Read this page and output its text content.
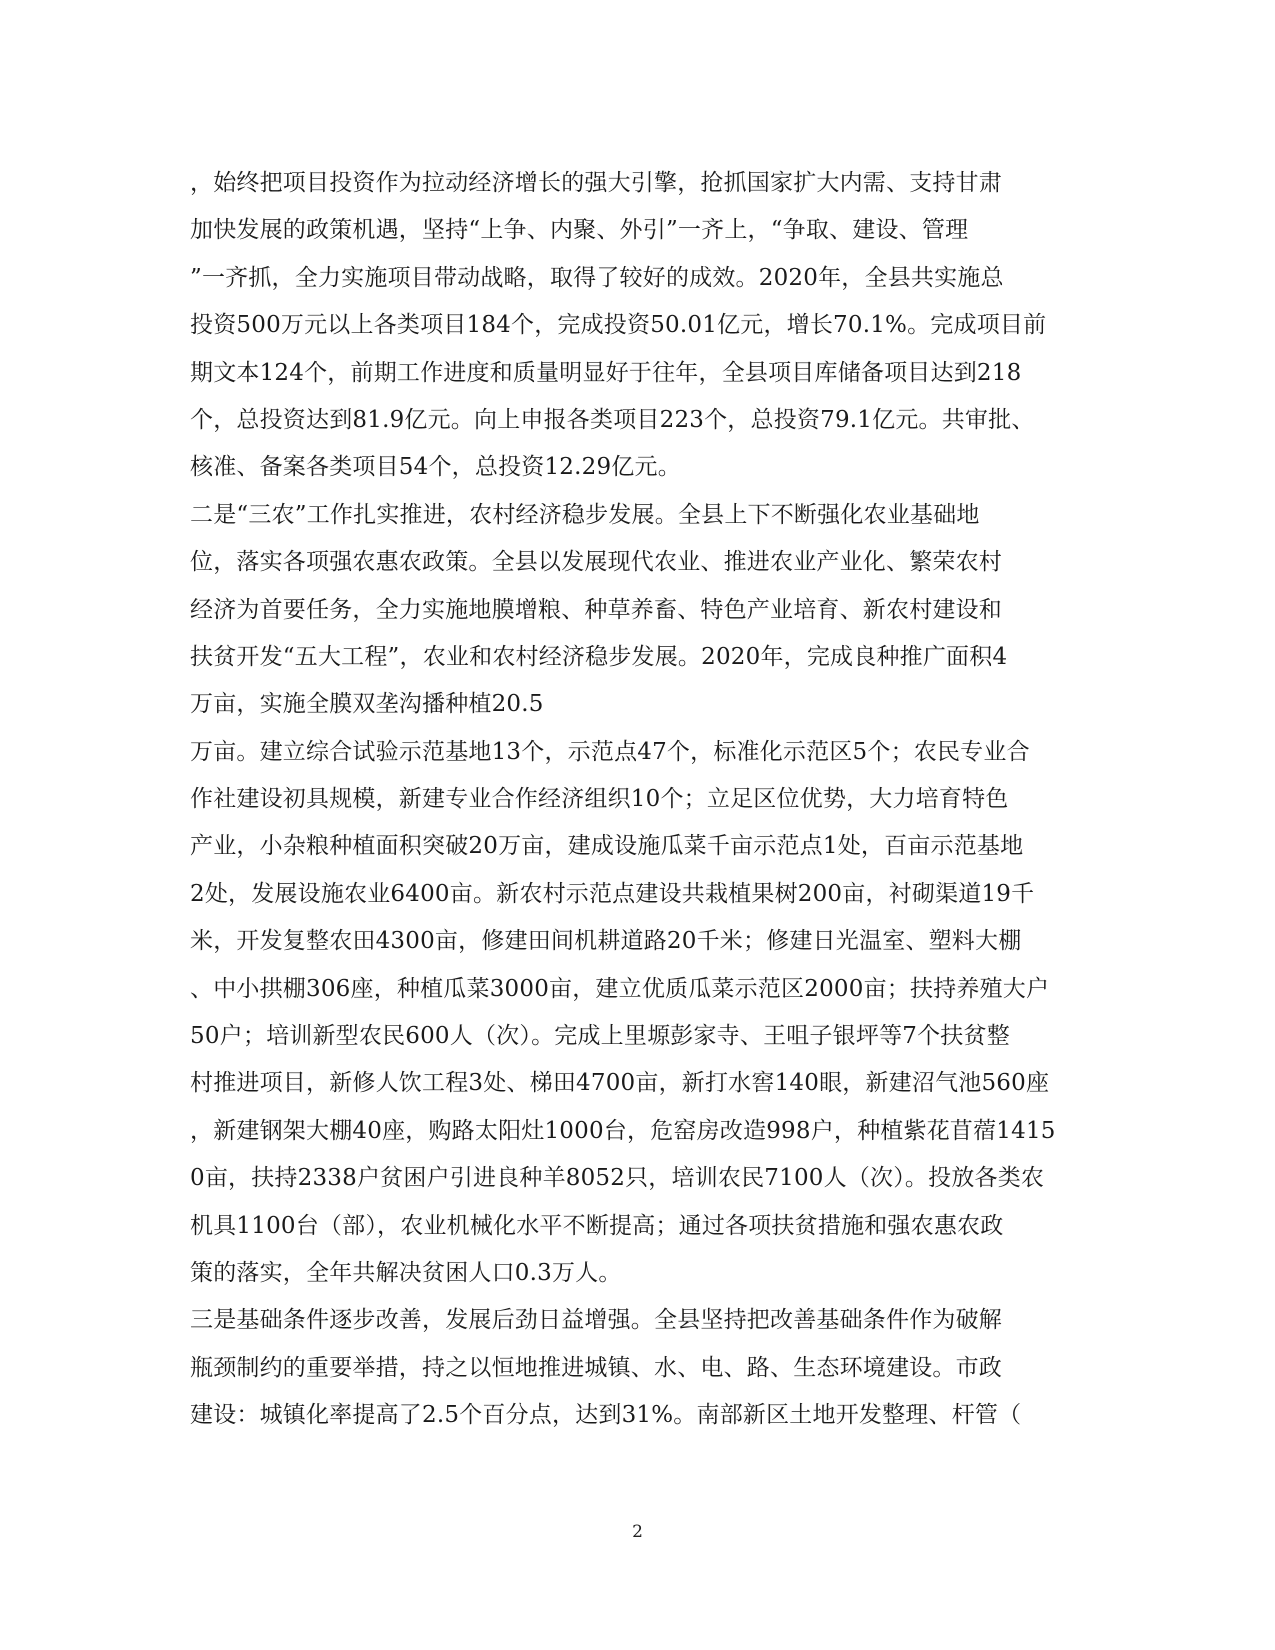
，始终把项目投资作为拉动经济增长的强大引擎，抢抓国家扩大内需、支持甘肃
加快发展的政策机遇，坚持“上争、内聚、外引”一齐上，“争取、建设、管理
”一齐抓，全力实施项目带动战略，取得了较好的成效。2020年，全县共实施总
投资500万元以上各类项目184个，完成投资50.01亿元，增长70.1%。完成项目前
期文本124个，前期工作进度和质量明显好于往年，全县项目库储备项目达到218
个，总投资达到81.9亿元。向上申报各类项目223个，总投资79.1亿元。共审批、
核准、备案各类项目54个，总投资12.29亿元。
二是“三农”工作扎实推进，农村经济稳步发展。全县上下不断强化农业基础地
位，落实各项强农惠农政策。全县以发展现代农业、推进农业产业化、繁荣农村
经济为首要任务，全力实施地膜增粮、种草养畜、特色产业培育、新农村建设和
扶贫开发“五大工程”，农业和农村经济稳步发展。2020年，完成良种推广面积4
万亩，实施全膜双垄沟播种植20.5
万亩。建立综合试验示范基地13个，示范点47个，标准化示范区5个；农民专业合
作社建设初具规模，新建专业合作经济组织10个；立足区位优势，大力培育特色
产业，小杂粮种植面积突破20万亩，建成设施瓜菜千亩示范点1处，百亩示范基地
2处，发展设施农业6400亩。新农村示范点建设共栽植果树200亩，衬砌渠道19千
米，开发复整农田4300亩，修建田间机耕道路20千米；修建日光温室、塑料大棚
、中小拱棚306座，种植瓜菜3000亩，建立优质瓜菜示范区2000亩；扶持养殖大户
50户；培训新型农民600人（次）。完成上里塬彭家寺、王咀子银坪等7个扶贫整
村推进项目，新修人饮工程3处、梯田4700亩，新打水窖140眼，新建沼气池560座
，新建钢架大棚40座，购路太阳灶1000台，危窑房改造998户，种植紫花苜蓿1415
0亩，扶持2338户贫困户引进良种羊8052只，培训农民7100人（次）。投放各类农
机具1100台（部），农业机械化水平不断提高；通过各项扶贫措施和强农惠农政
策的落实，全年共解决贫困人口0.3万人。
三是基础条件逐步改善，发展后劲日益增强。全县坚持把改善基础条件作为破解
瓶颈制约的重要举措，持之以恒地推进城镇、水、电、路、生态环境建设。市政
建设：城镇化率提高了2.5个百分点，达到31%。南部新区土地开发整理、杆管（
2
